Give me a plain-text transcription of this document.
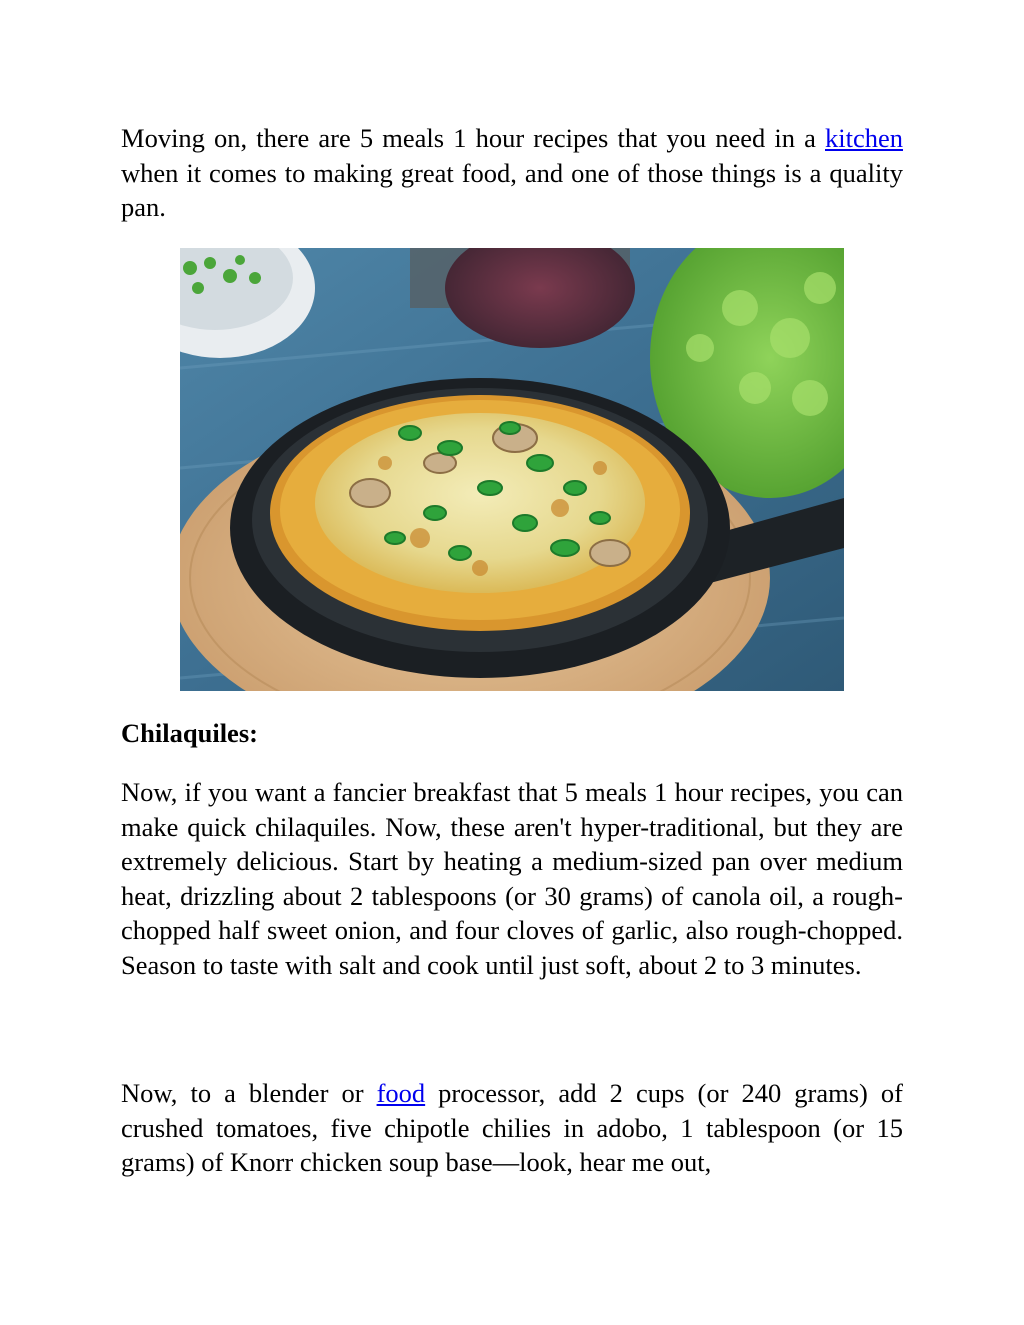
Moving on, there are 5 meals 1 hour recipes that you need in a kitchen when it comes to making great food, and one of those things is a quality pan.

Chilaquiles:

Now, if you want a fancier breakfast that 5 meals 1 hour recipes, you can make quick chilaquiles. Now, these aren't hyper-traditional, but they are extremely delicious. Start by heating a medium-sized pan over medium heat, drizzling about 2 tablespoons (or 30 grams) of canola oil, a rough-chopped half sweet onion, and four cloves of garlic, also rough-chopped. Season to taste with salt and cook until just soft, about 2 to 3 minutes.

Now, to a blender or food processor, add 2 cups (or 240 grams) of crushed tomatoes, five chipotle chilies in adobo, 1 tablespoon (or 15 grams) of Knorr chicken soup base—look, hear me out,
